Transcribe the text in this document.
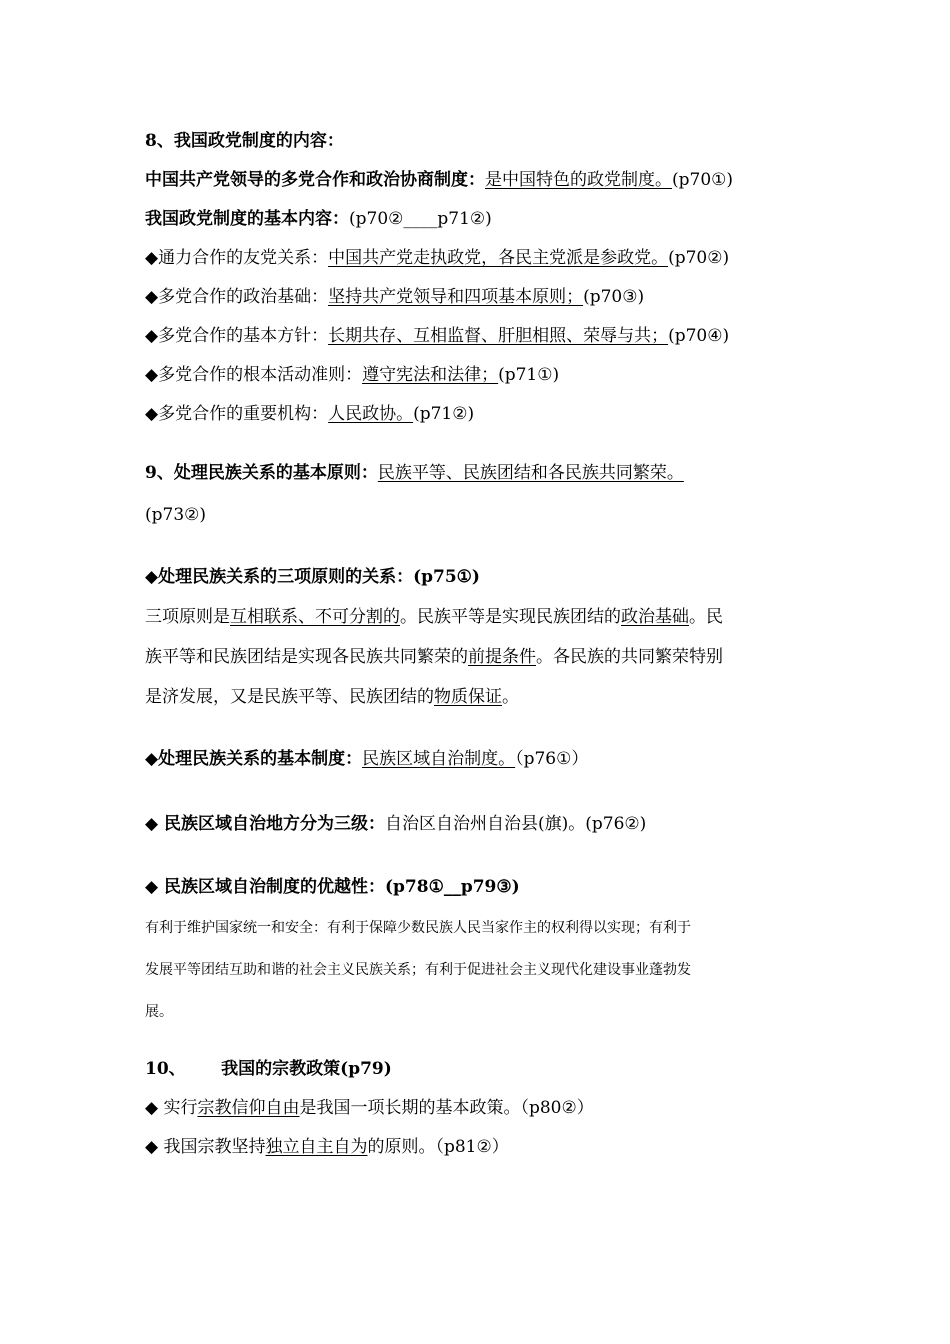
8、我国政党制度的内容：
中国共产党领导的多党合作和政治协商制度：是中国特色的政党制度。(p70①)
我国政党制度的基本内容：(p70②____p71②)
◆通力合作的友党关系：中国共产党走执政党，各民主党派是参政党。(p70②)
◆多党合作的政治基础：坚持共产党领导和四项基本原则；(p70③)
◆多党合作的基本方针：长期共存、互相监督、肝胆相照、荣辱与共；(p70④)
◆多党合作的根本活动准则：遵守宪法和法律；(p71①)
◆多党合作的重要机构：人民政协。(p71②)
9、处理民族关系的基本原则：民族平等、民族团结和各民族共同繁荣。
(p73②)
◆处理民族关系的三项原则的关系：(p75①)
三项原则是互相联系、不可分割的。民族平等是实现民族团结的政治基础。民
族平等和民族团结是实现各民族共同繁荣的前提条件。各民族的共同繁荣特别
是济发展，又是民族平等、民族团结的物质保证。
◆处理民族关系的基本制度：民族区域自治制度。（p76①）
◆ 民族区域自治地方分为三级：自治区自治州自治县(旗)。(p76②)
◆ 民族区域自治制度的优越性：(p78①__p79③)
有利于维护国家统一和安全：有利于保障少数民族人民当家作主的权利得以实现；有利于
发展平等团结互助和谐的社会主义民族关系；有利于促进社会主义现代化建设事业蓬勃发
展。
10、      我国的宗教政策(p79)
◆ 实行宗教信仰自由是我国一项长期的基本政策。（p80②）
◆ 我国宗教坚持独立自主自为的原则。（p81②）
